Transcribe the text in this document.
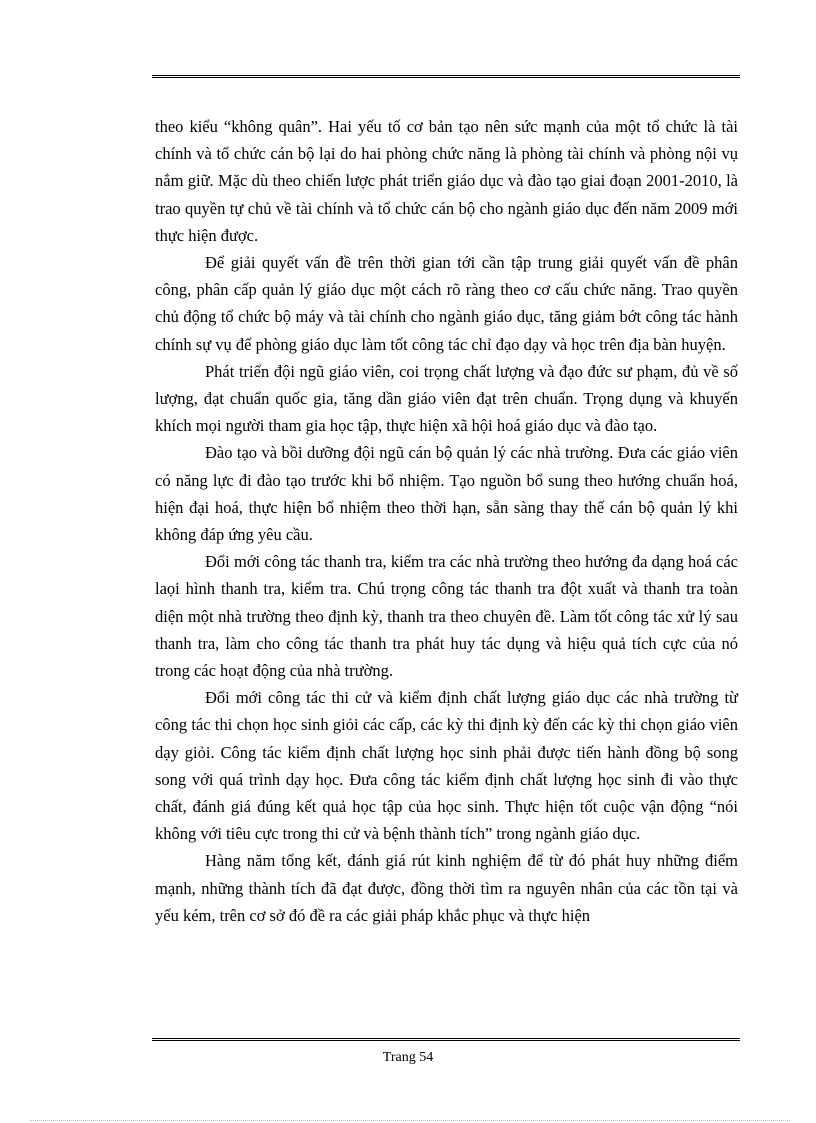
theo kiểu “không quân”. Hai yếu tố cơ bản tạo nên sức mạnh của một tổ chức là tài chính và tổ chức cán bộ lại do hai phòng chức năng là phòng tài chính và phòng nội vụ nắm giữ. Mặc dù theo chiến lược phát triển giáo dục và đào tạo giai đoạn 2001-2010, là trao quyền tự chủ về tài chính và tổ chức cán bộ cho ngành giáo dục đến năm 2009 mới thực hiện được.

Để giải quyết vấn đề trên thời gian tới cần tập trung giải quyết vấn đề phân công, phân cấp quản lý giáo dục một cách rõ ràng theo cơ cấu chức năng. Trao quyền chủ động tổ chức bộ máy và tài chính cho ngành giáo dục, tăng giảm bớt công tác hành chính sự vụ để phòng giáo dục làm tốt công tác chỉ đạo dạy và học trên địa bàn huyện.

Phát triển đội ngũ giáo viên, coi trọng chất lượng và đạo đức sư phạm, đủ về số lượng, đạt chuẩn quốc gia, tăng dần giáo viên đạt trên chuẩn. Trọng dụng và khuyến khích mọi người tham gia học tập, thực hiện xã hội hoá giáo dục và đào tạo.

Đào tạo và bồi dưỡng đội ngũ cán bộ quản lý các nhà trường. Đưa các giáo viên có năng lực đi đào tạo trước khi bổ nhiệm. Tạo nguồn bổ sung theo hướng chuẩn hoá, hiện đại hoá, thực hiện bổ nhiệm theo thời hạn, sẵn sàng thay thế cán bộ quản lý khi không đáp ứng yêu cầu.

Đổi mới công tác thanh tra, kiểm tra các nhà trường theo hướng đa dạng hoá các laọi hình thanh tra, kiểm tra. Chú trọng công tác thanh tra đột xuất và thanh tra toàn diện một nhà trường theo định kỳ, thanh tra theo chuyên đề. Làm tốt công tác xử lý sau thanh tra, làm cho công tác thanh tra phát huy tác dụng và hiệu quả tích cực của nó trong các hoạt động của nhà trường.

Đổi mới công tác thi cử và kiểm định chất lượng giáo dục các nhà trường từ công tác thi chọn học sinh giỏi các cấp, các kỳ thi định kỳ đến các kỳ thi chọn giáo viên dạy giỏi. Công tác kiểm định chất lượng học sinh phải được tiến hành đồng bộ song song với quá trình dạy học. Đưa công tác kiểm định chất lượng học sinh đi vào thực chất, đánh giá đúng kết quả học tập của học sinh. Thực hiện tốt cuộc vận động “nói không với tiêu cực trong thi cử và bệnh thành tích” trong ngành giáo dục.

Hàng năm tổng kết, đánh giá rút kinh nghiệm để từ đó phát huy những điểm mạnh, những thành tích đã đạt được, đồng thời tìm ra nguyên nhân của các tồn tại và yếu kém, trên cơ sở đó đề ra các giải pháp khắc phục và thực hiện

Trang 54
